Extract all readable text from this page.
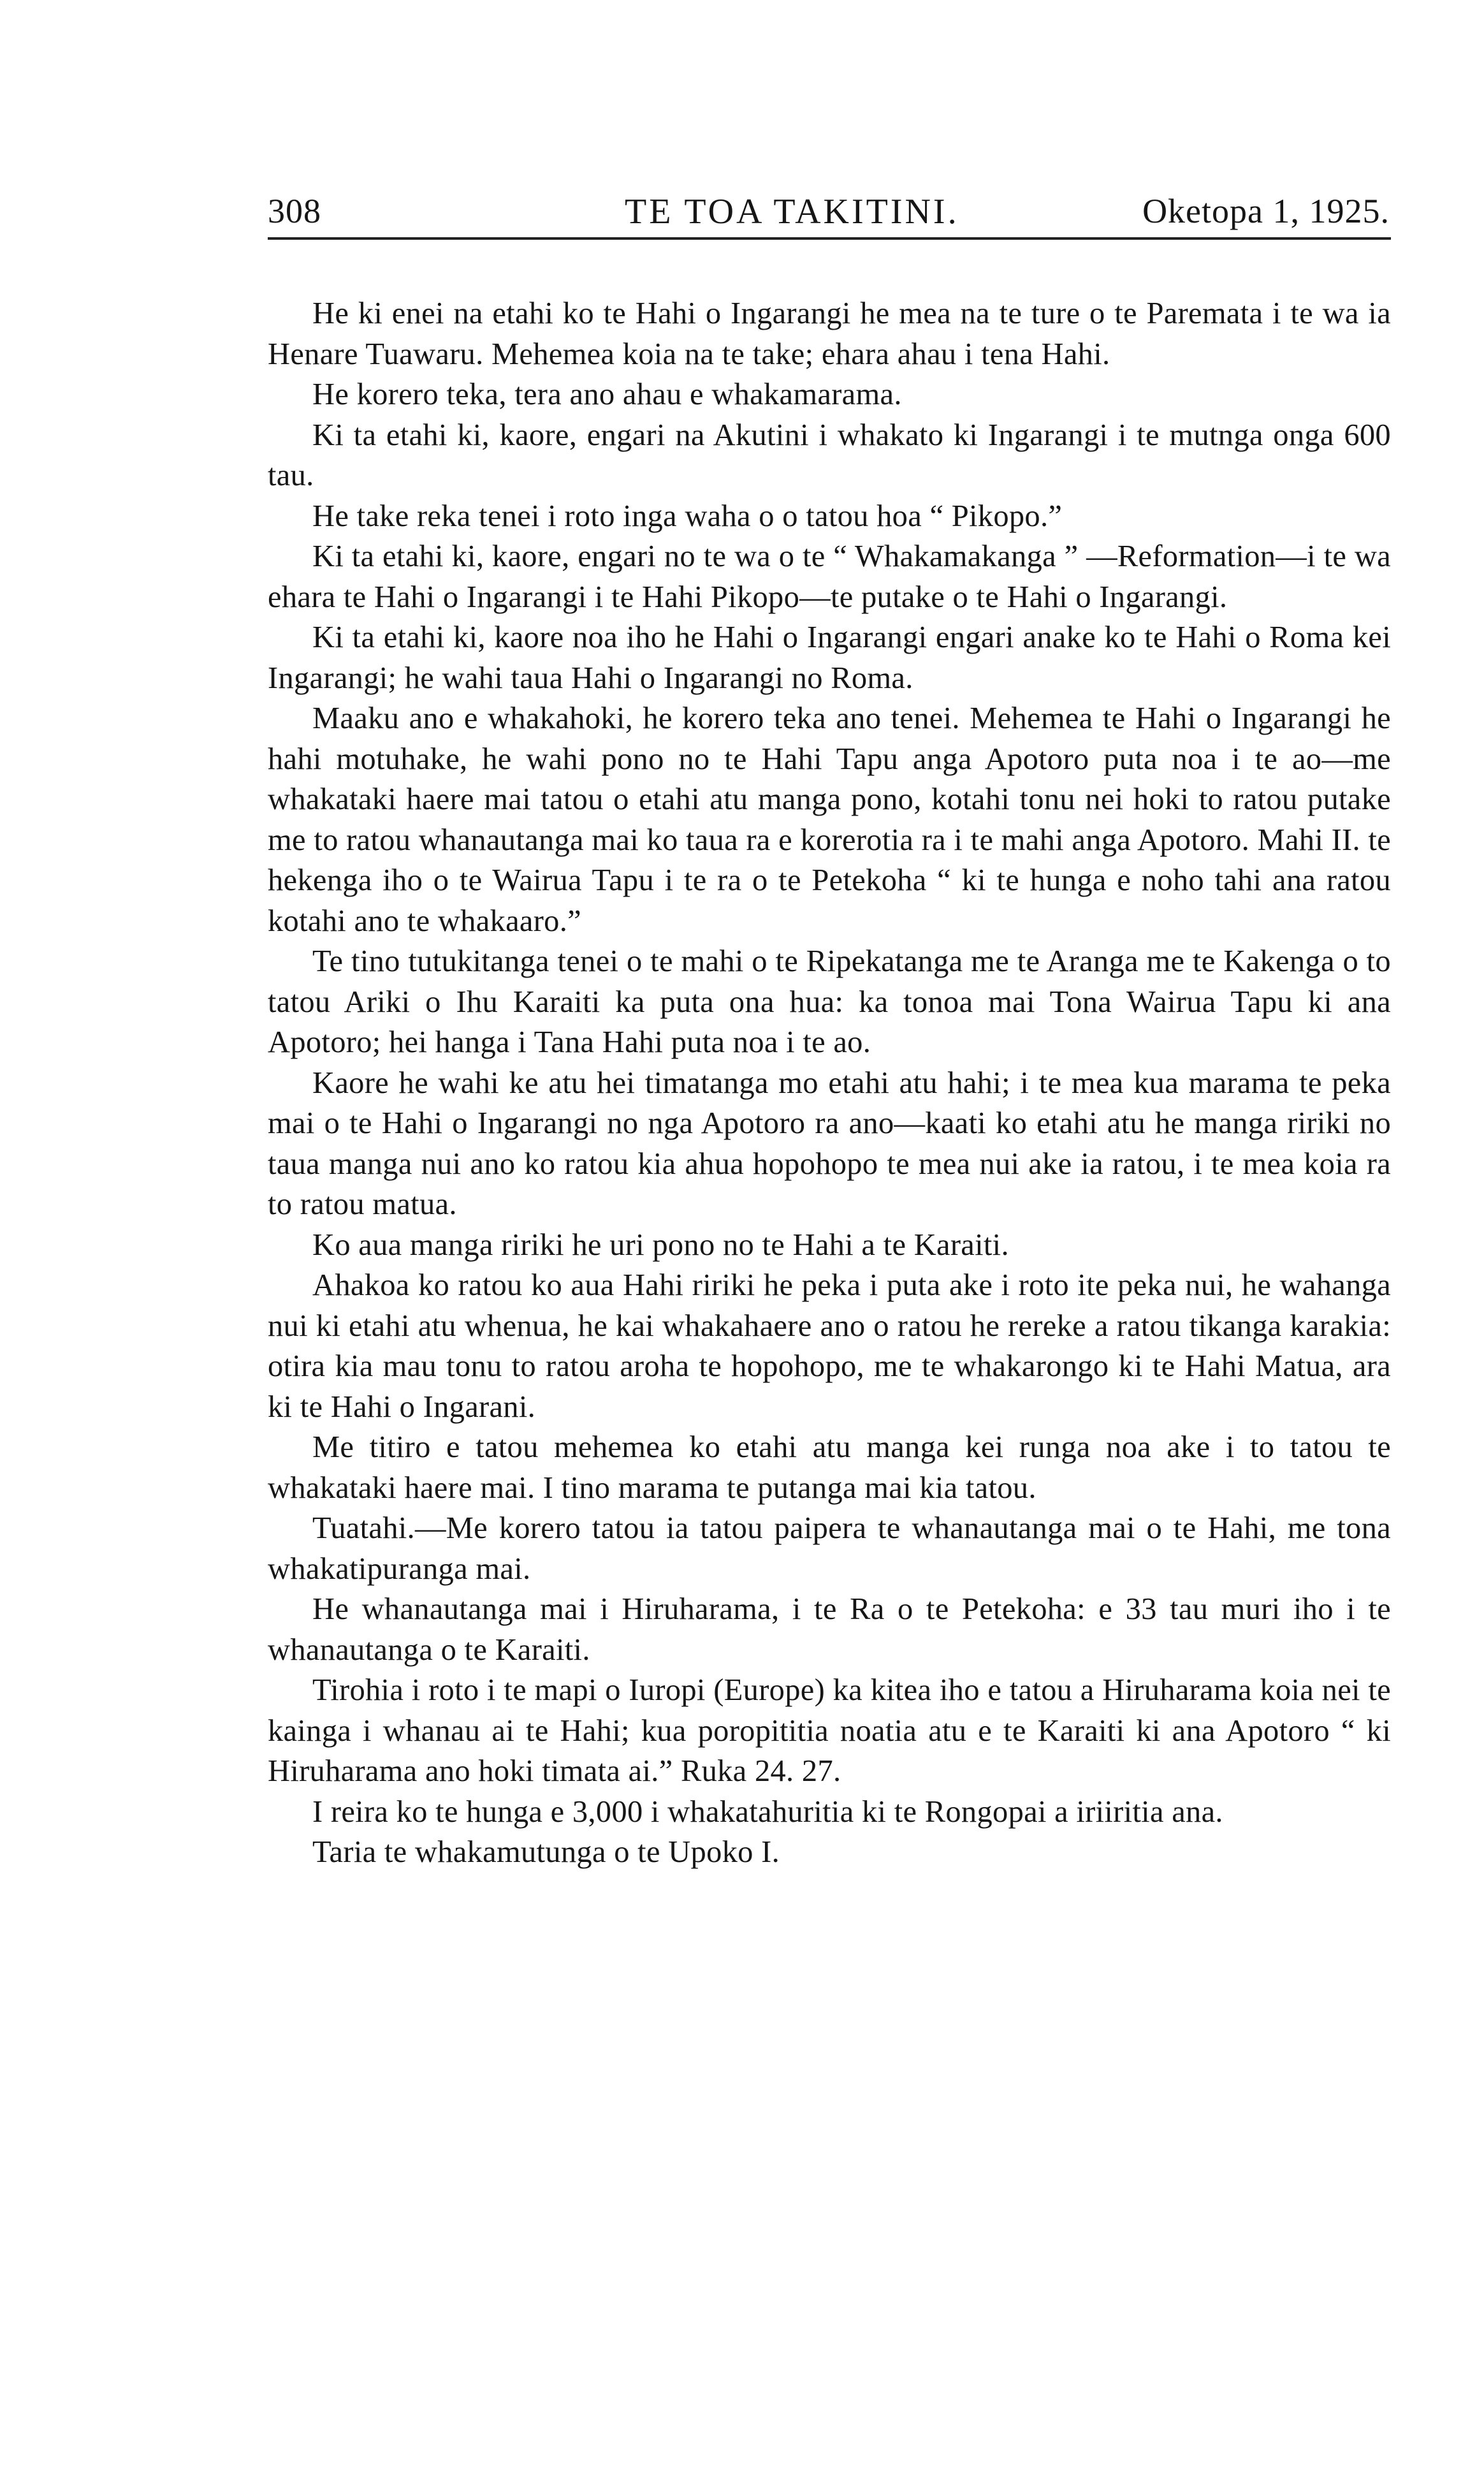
308	TE TOA TAKITINI.	Oketopa 1, 1925.

He ki enei na etahi ko te Hahi o Ingarangi he mea na te ture o te Paremata i te wa ia Henare Tuawaru. Mehemea koia na te take; ehara ahau i tena Hahi.

He korero teka, tera ano ahau e whakamarama.

Ki ta etahi ki, kaore, engari na Akutini i whakato ki Ingarangi i te mutnga onga 600 tau.

He take reka tenei i roto inga waha o o tatou hoa “ Pikopo.”

Ki ta etahi ki, kaore, engari no te wa o te “ Whakamakanga ” —Reformation—i te wa ehara te Hahi o Ingarangi i te Hahi Pikopo—te putake o te Hahi o Ingarangi.

Ki ta etahi ki, kaore noa iho he Hahi o Ingarangi engari anake ko te Hahi o Roma kei Ingarangi; he wahi taua Hahi o Ingarangi no Roma.

Maaku ano e whakahoki, he korero teka ano tenei. Mehemea te Hahi o Ingarangi he hahi motuhake, he wahi pono no te Hahi Tapu anga Apotoro puta noa i te ao—me whakataki haere mai tatou o etahi atu manga pono, kotahi tonu nei hoki to ratou putake me to ratou whanautanga mai ko taua ra e korerotia ra i te mahi anga Apotoro. Mahi II. te hekenga iho o te Wairua Tapu i te ra o te Petekoha “ ki te hunga e noho tahi ana ratou kotahi ano te whakaaro.”

Te tino tutukitanga tenei o te mahi o te Ripekatanga me te Aranga me te Kakenga o to tatou Ariki o Ihu Karaiti ka puta ona hua: ka tonoa mai Tona Wairua Tapu ki ana Apotoro; hei hanga i Tana Hahi puta noa i te ao.

Kaore he wahi ke atu hei timatanga mo etahi atu hahi; i te mea kua marama te peka mai o te Hahi o Ingarangi no nga Apotoro ra ano—kaati ko etahi atu he manga ririki no taua manga nui ano ko ratou kia ahua hopohopo te mea nui ake ia ratou, i te mea koia ra to ratou matua.

Ko aua manga ririki he uri pono no te Hahi a te Karaiti.

Ahakoa ko ratou ko aua Hahi ririki he peka i puta ake i roto ite peka nui, he wahanga nui ki etahi atu whenua, he kai whakahaere ano o ratou he rereke a ratou tikanga karakia: otira kia mau tonu to ratou aroha te hopohopo, me te whakarongo ki te Hahi Matua, ara ki te Hahi o Ingarani.

Me titiro e tatou mehemea ko etahi atu manga kei runga noa ake i to tatou te whakataki haere mai. I tino marama te putanga mai kia tatou.

Tuatahi.—Me korero tatou ia tatou paipera te whanautanga mai o te Hahi, me tona whakatipuranga mai.

He whanautanga mai i Hiruharama, i te Ra o te Petekoha: e 33 tau muri iho i te whanautanga o te Karaiti.

Tirohia i roto i te mapi o Iuropi (Europe) ka kitea iho e tatou a Hiruharama koia nei te kainga i whanau ai te Hahi; kua poropititia noatia atu e te Karaiti ki ana Apotoro “ ki Hiruharama ano hoki timata ai.” Ruka 24. 27.

I reira ko te hunga e 3,000 i whakatahuritia ki te Rongopai a iriiritia ana.

Taria te whakamutunga o te Upoko I.
